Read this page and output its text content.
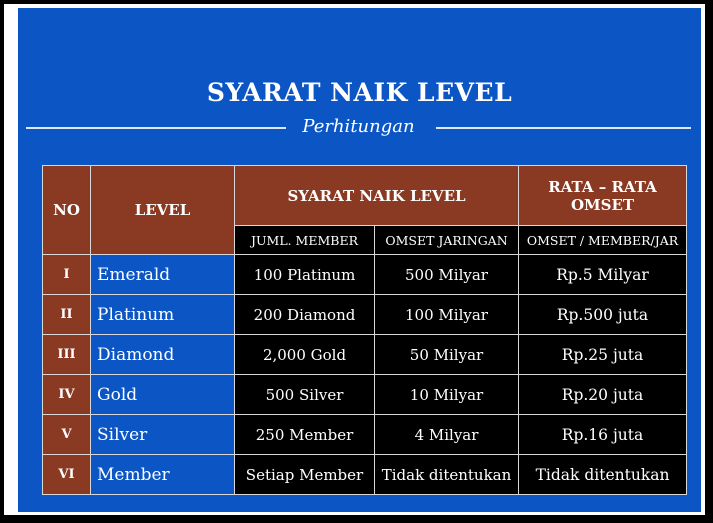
SYARAT NAIK LEVEL
Perhitungan
NO	LEVEL	SYARAT NAIK LEVEL		RATA – RATA
OMSET

		JUML. MEMBER	OMSET JARINGAN	OMSET / MEMBER/JAR
I	Emerald	100 Platinum	500 Milyar	Rp.5 Milyar
II	Platinum	200 Diamond	100 Milyar	Rp.500 juta
III	Diamond	2,000 Gold	50 Milyar	Rp.25 juta
IV	Gold	500 Silver	10 Milyar	Rp.20 juta
V	Silver	250 Member	4 Milyar	Rp.16 juta
VI	Member	Setiap Member	Tidak ditentukan	Tidak ditentukan
